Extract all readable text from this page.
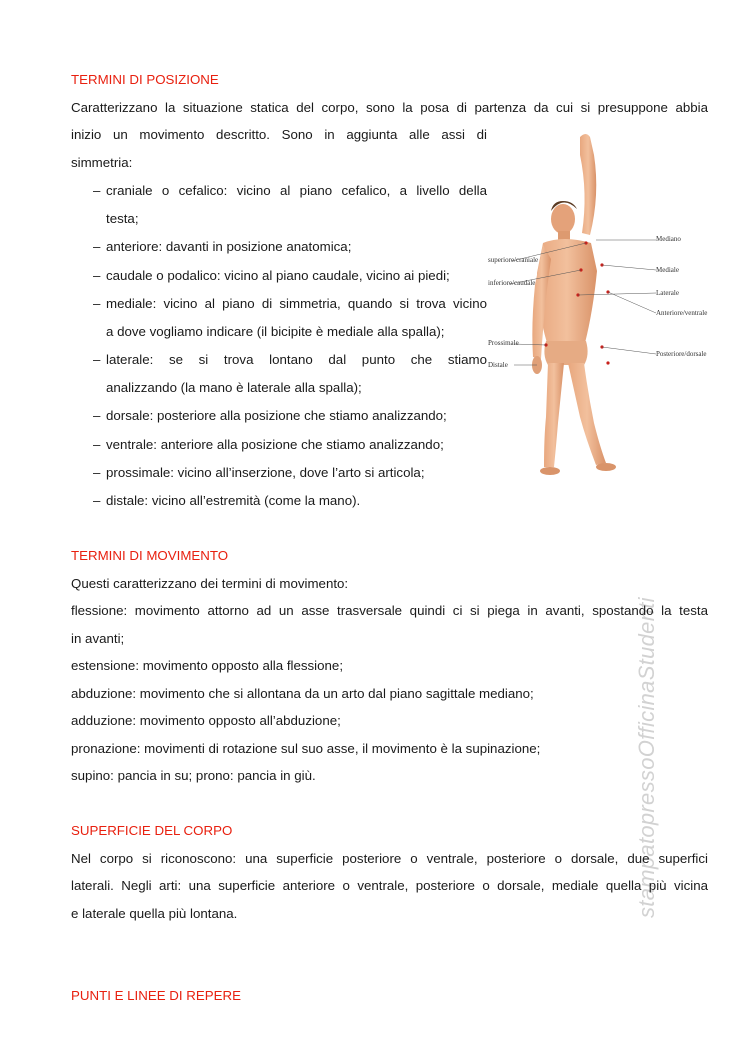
stampatopressoOfficinaStudenti
TERMINI DI POSIZIONE
Caratterizzano la situazione statica del corpo, sono la posa di partenza da cui si presuppone abbia
inizio un movimento descritto. Sono in aggiunta alle assi di
simmetria:
– craniale o cefalico: vicino al piano cefalico, a livello della
testa;
– anteriore: davanti in posizione anatomica;
– caudale o podalico: vicino al piano caudale, vicino ai piedi;
– mediale: vicino al piano di simmetria, quando si trova vicino
a dove vogliamo indicare (il bicipite è mediale alla spalla);
– laterale: se si trova lontano dal punto che stiamo
analizzando (la mano è laterale alla spalla);
– dorsale: posteriore alla posizione che stiamo analizzando;
– ventrale: anteriore alla posizione che stiamo analizzando;
– prossimale: vicino all’inserzione, dove l’arto si articola;
– distale: vicino all’estremità (come la mano).
superiore/craniale
inferiore/caudale
Prossimale
Distale
Mediano
Mediale
Laterale
Anteriore/ventrale
Posteriore/dorsale
TERMINI DI MOVIMENTO
Questi caratterizzano dei termini di movimento:
flessione: movimento attorno ad un asse trasversale quindi ci si piega in avanti, spostando la testa
in avanti;
estensione: movimento opposto alla flessione;
abduzione: movimento che si allontana da un arto dal piano sagittale mediano;
adduzione: movimento opposto all’abduzione;
pronazione: movimenti di rotazione sul suo asse, il movimento è la supinazione;
supino: pancia in su; prono: pancia in giù.
SUPERFICIE DEL CORPO
Nel corpo si riconoscono: una superficie posteriore o ventrale, posteriore o dorsale, due superfici
laterali. Negli arti: una superficie anteriore o ventrale, posteriore o dorsale, mediale quella più vicina
e laterale quella più lontana.
PUNTI E LINEE DI REPERE
